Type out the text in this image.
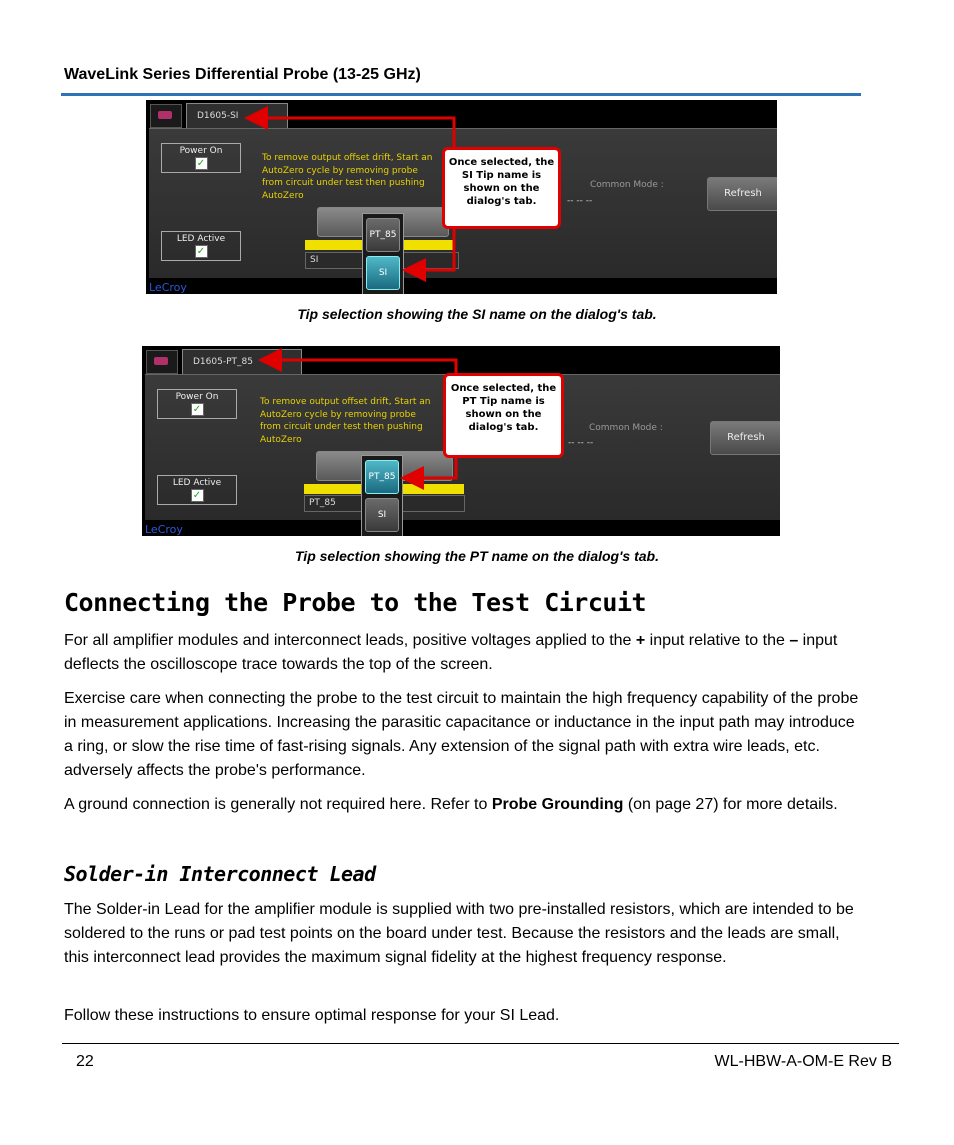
WaveLink Series Differential Probe (13-25 GHz)
D1605-SI
Power On
✓
LED Active
✓
To remove output offset drift, Start an
AutoZero cycle by removing probe
from circuit under test then pushing
AutoZero
Common Mode :
-- -- --
Refresh
SI
PT_85
SI
LeCroy
Once selected, the
SI Tip name is
shown on the
dialog's tab.
Tip selection showing the SI name on the dialog's tab.
D1605-PT_85
Power On
✓
LED Active
✓
To remove output offset drift, Start an
AutoZero cycle by removing probe
from circuit under test then pushing
AutoZero
Common Mode :
-- -- --	Refresh
PT_85
PT_85
SI
LeCroy
Once selected, the
PT Tip name is
shown on the
dialog's tab.
Tip selection showing the PT name on the dialog's tab.
Connecting the Probe to the Test Circuit
For all amplifier modules and interconnect leads, positive voltages applied to the + input relative to the – input deflects the oscilloscope trace towards the top of the screen.
Exercise care when connecting the probe to the test circuit to maintain the high frequency capability of the probe in measurement applications. Increasing the parasitic capacitance or inductance in the input path may introduce a ring, or slow the rise time of fast-rising signals. Any extension of the signal path with extra wire leads, etc. adversely affects the probe's performance.
A ground connection is generally not required here. Refer to Probe Grounding (on page 27) for more details.
Solder-in Interconnect Lead
The Solder-in Lead for the amplifier module is supplied with two pre-installed resistors, which are intended to be soldered to the runs or pad test points on the board under test. Because the resistors and the leads are small, this interconnect lead provides the maximum signal fidelity at the highest frequency response.
Follow these instructions to ensure optimal response for your SI Lead.
22	WL-HBW-A-OM-E Rev B
